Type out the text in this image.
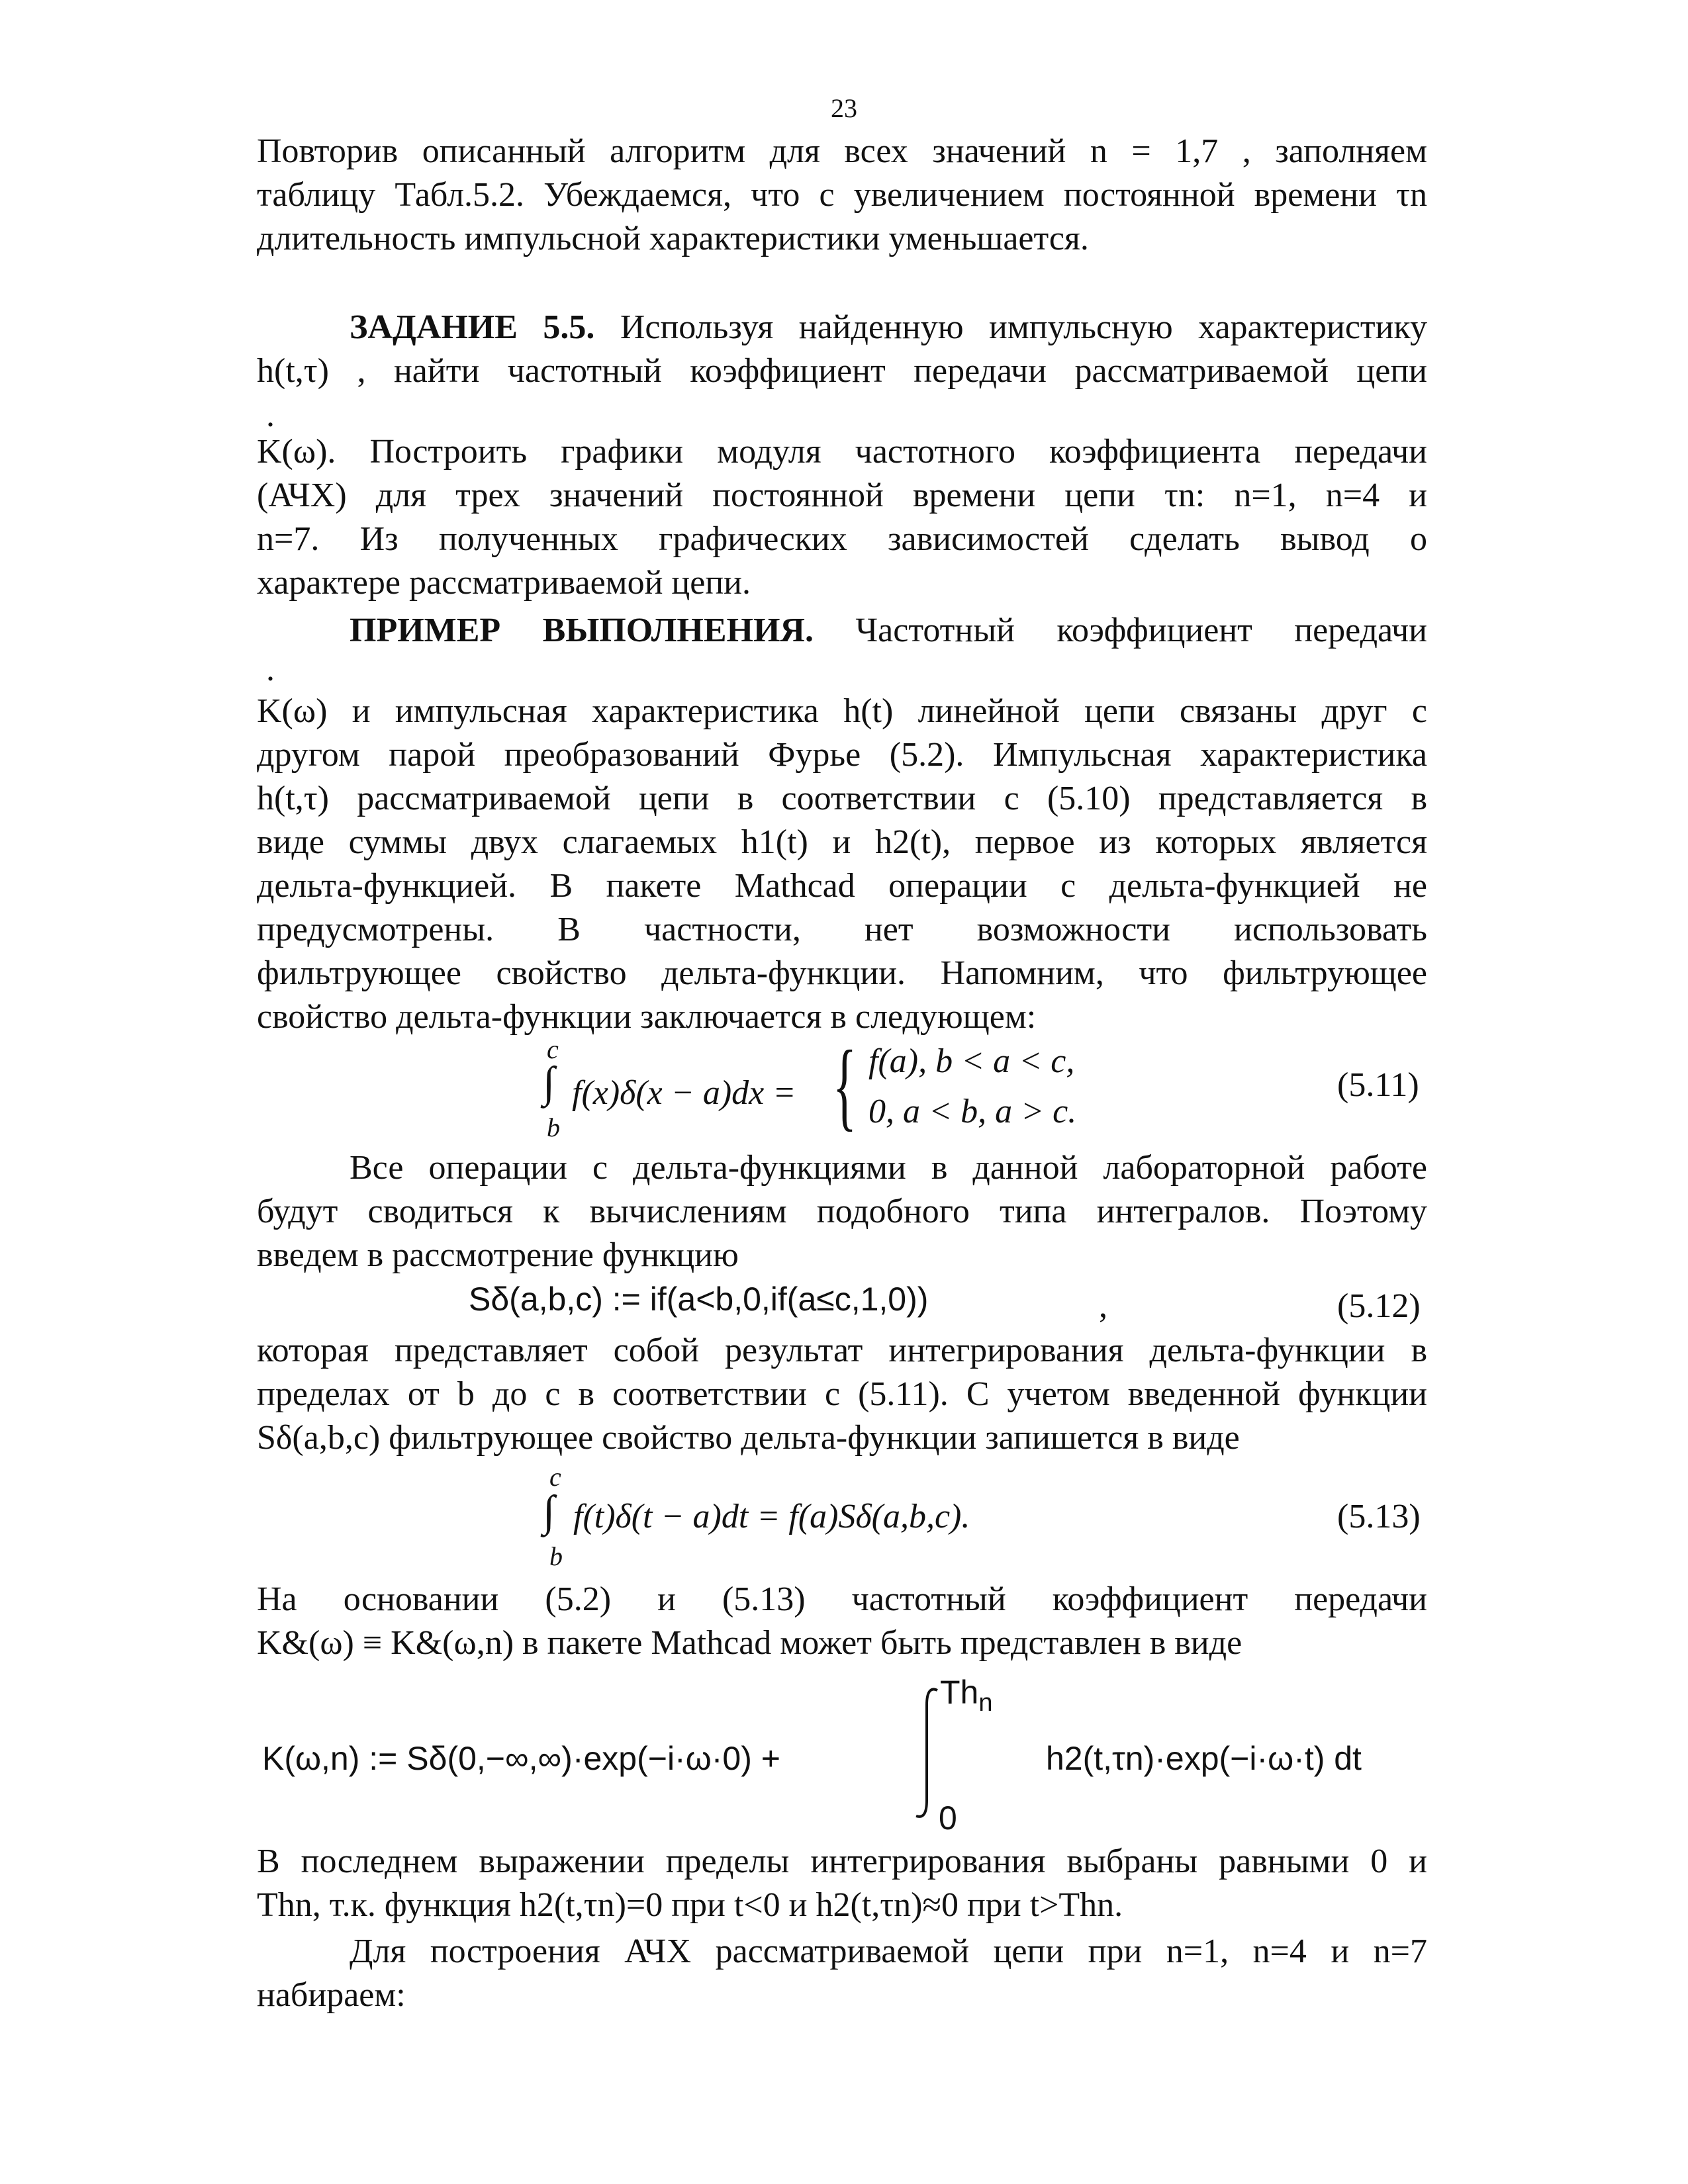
23
Повторив описанный алгоритм для всех значений n = 1,7 , заполняем
таблицу Табл.5.2. Убеждаемся, что с увеличением постоянной времени τn
длительность импульсной характеристики уменьшается.
ЗАДАНИЕ 5.5. Используя найденную импульсную характеристику
h(t,τ) , найти частотный коэффициент передачи рассматриваемой цепи
K(ω). Построить графики модуля частотного коэффициента передачи
(АЧХ) для трех значений постоянной времени цепи τn: n=1, n=4 и
n=7. Из полученных графических зависимостей сделать вывод о
характере рассматриваемой цепи.
.
ПРИМЕР ВЫПОЛНЕНИЯ. Частотный коэффициент передачи
K(ω) и импульсная характеристика h(t) линейной цепи связаны друг с
другом парой преобразований Фурье (5.2). Импульсная характеристика
h(t,τ) рассматриваемой цепи в соответствии с (5.10) представляется в
виде суммы двух слагаемых h1(t) и h2(t), первое из которых является
дельта-функцией. В пакете Mathcad операции с дельта-функцией не
предусмотрены. В частности, нет возможности использовать
фильтрующее свойство дельта-функции. Напомним, что фильтрующее
свойство дельта-функции заключается в следующем:
.
c
∫
b
f(x)δ(x − a)dx = { f(a), b < a < c,
0, a < b, a > c.
(5.11)
Все операции с дельта-функциями в данной лабораторной работе
будут сводиться к вычислениям подобного типа интегралов. Поэтому
введем в рассмотрение функцию
Sδ(a,b,c) := if(a<b,0,if(a≤c,1,0))	,	(5.12)
которая представляет собой результат интегрирования дельта-функции в
пределах от b до c в соответствии с (5.11). С учетом введенной функции
Sδ(a,b,c) фильтрующее свойство дельта-функции запишется в виде
c
∫
b
f(t)δ(t − a)dt = f(a)Sδ(a,b,c).	(5.13)
На основании (5.2) и (5.13) частотный коэффициент передачи
K&(ω) ≡ K&(ω,n) в пакете Mathcad может быть представлен в виде
K(ω,n) := Sδ(0,−∞,∞)·exp(−i·ω·0) +
$Th_n$
0
h2(t,τn)·exp(−i·ω·t) dt
В последнем выражении пределы интегрирования выбраны равными 0 и
Thn, т.к. функция h2(t,τn)=0 при t<0 и h2(t,τn)≈0 при t>Thn.
Для построения АЧХ рассматриваемой цепи при n=1, n=4 и n=7
набираем:
